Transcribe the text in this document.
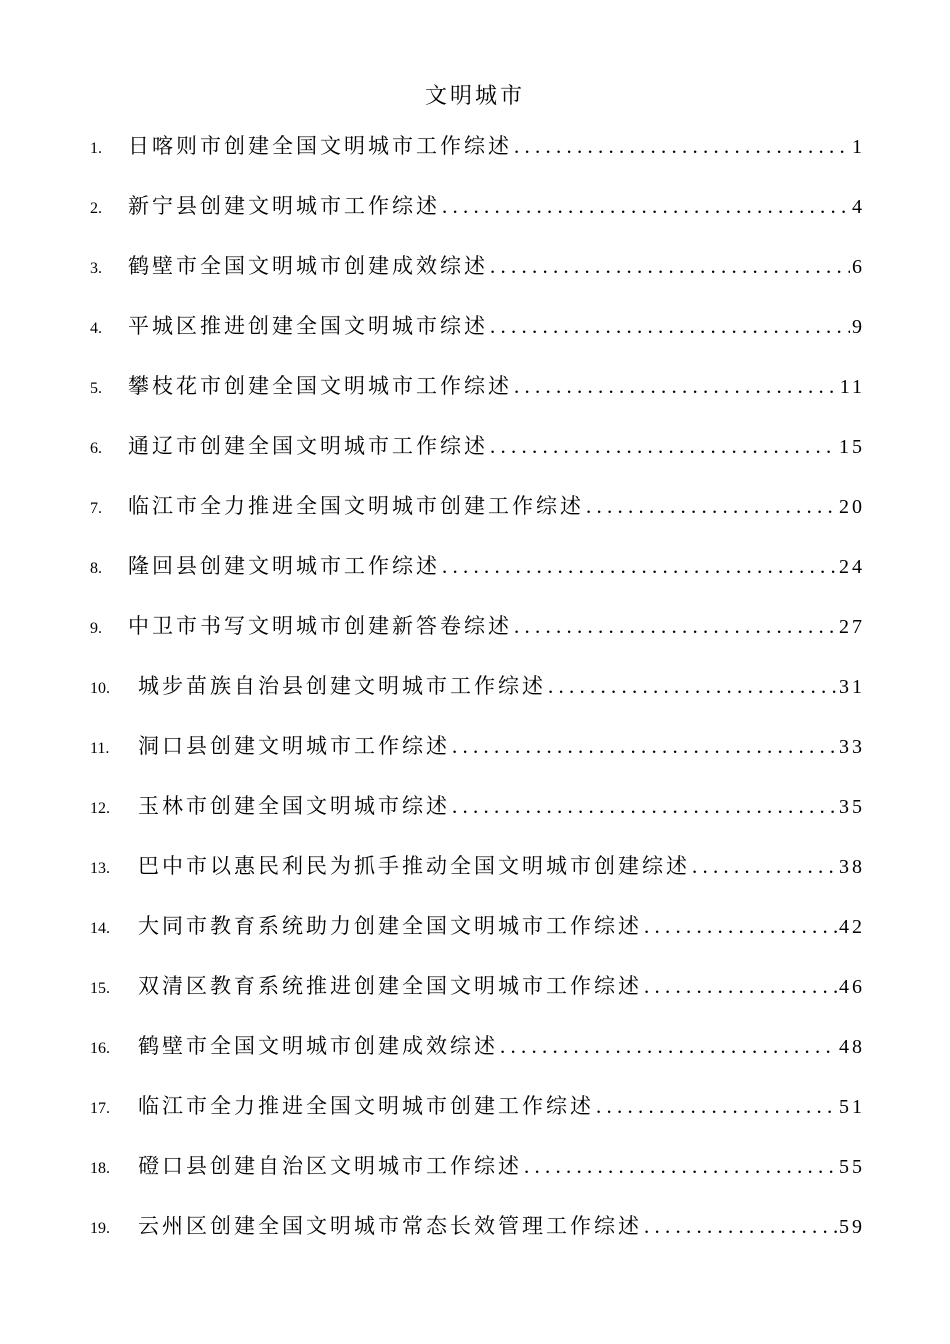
文明城市
1.	日喀则市创建全国文明城市工作综述 . . .	1
2.	新宁县创建文明城市工作综述 . . .	4
3.	鹤壁市全国文明城市创建成效综述 . . .	6
4.	平城区推进创建全国文明城市综述 . . .	9
5.	攀枝花市创建全国文明城市工作综述 . . .	11
6.	通辽市创建全国文明城市工作综述 . . .	15
7.	临江市全力推进全国文明城市创建工作综述 . . .	20
8.	隆回县创建文明城市工作综述 . . .	24
9.	中卫市书写文明城市创建新答卷综述 . . .	27
10.	城步苗族自治县创建文明城市工作综述 . . .	31
11.	洞口县创建文明城市工作综述 . . .	33
12.	玉林市创建全国文明城市综述 . . .	35
13.	巴中市以惠民利民为抓手推动全国文明城市创建综述 . . .	38
14.	大同市教育系统助力创建全国文明城市工作综述 . . .	42
15.	双清区教育系统推进创建全国文明城市工作综述 . . .	46
16.	鹤壁市全国文明城市创建成效综述 . . .	48
17.	临江市全力推进全国文明城市创建工作综述 . . .	51
18.	磴口县创建自治区文明城市工作综述 . . .	55
19.	云州区创建全国文明城市常态长效管理工作综述 . . .	59
